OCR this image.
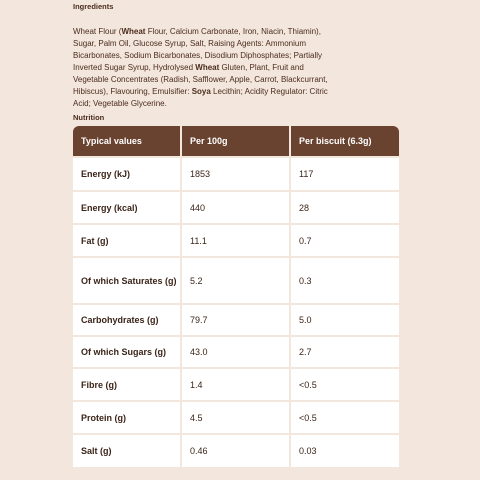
Ingredients

Wheat Flour (Wheat Flour, Calcium Carbonate, Iron, Niacin, Thiamin), Sugar, Palm Oil, Glucose Syrup, Salt, Raising Agents: Ammonium Bicarbonates, Sodium Bicarbonates, Disodium Diphosphates; Partially Inverted Sugar Syrup, Hydrolysed Wheat Gluten, Plant, Fruit and Vegetable Concentrates (Radish, Safflower, Apple, Carrot, Blackcurrant, Hibiscus), Flavouring, Emulsifier: Soya Lecithin; Acidity Regulator: Citric Acid; Vegetable Glycerine.

Nutrition
Typical values	Per 100g	Per biscuit (6.3g)
Energy (kJ)	1853	117
Energy (kcal)	440	28
Fat (g)	11.1	0.7
Of which Saturates (g)	5.2	0.3
Carbohydrates (g)	79.7	5.0
Of which Sugars (g)	43.0	2.7
Fibre (g)	1.4	<0.5
Protein (g)	4.5	<0.5
Salt (g)	0.46	0.03
